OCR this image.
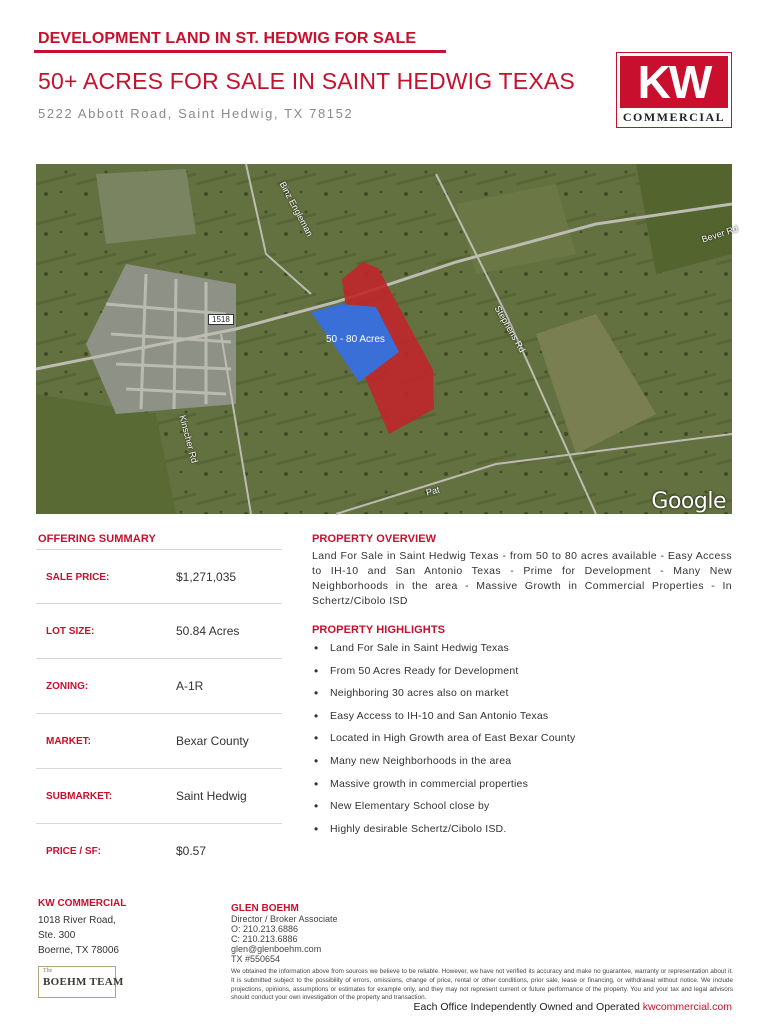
DEVELOPMENT LAND IN ST. HEDWIG FOR SALE
50+ ACRES FOR SALE IN SAINT HEDWIG TEXAS
5222 Abbott Road, Saint Hedwig, TX 78152
KW
COMMERCIAL
Binz Engleman
Stephens Rd
Kinscher Rd
Bever Rd
Pat
1518
50 - 80 Acres
Google
OFFERING SUMMARY
SALE PRICE:	$1,271,035
LOT SIZE:	50.84 Acres
ZONING:	A-1R
MARKET:	Bexar County
SUBMARKET:	Saint Hedwig
PRICE / SF:	$0.57
PROPERTY OVERVIEW
Land For Sale in Saint Hedwig Texas - from 50 to 80 acres available - Easy Access to IH-10 and San Antonio Texas - Prime for Development - Many New Neighborhoods in the area - Massive Growth in Commercial Properties - In Schertz/Cibolo ISD
PROPERTY HIGHLIGHTS
• Land For Sale in Saint Hedwig Texas
• From 50 Acres Ready for Development
• Neighboring 30 acres also on market
• Easy Access to IH-10 and San Antonio Texas
• Located in High Growth area of East Bexar County
• Many new Neighborhoods in the area
• Massive growth in commercial properties
• New Elementary School close by
• Highly desirable Schertz/Cibolo ISD.
KW COMMERCIAL
1018 River Road,
Ste. 300
Boerne, TX 78006
The
BOEHM TEAM
GLEN BOEHM
Director / Broker Associate
O: 210.213.6886
C: 210.213.6886
glen@glenboehm.com
TX #550654
We obtained the information above from sources we believe to be reliable. However, we have not verified its accuracy and make no guarantee, warranty or representation about it. It is submitted subject to the possibility of errors, omissions, change of price, rental or other conditions, prior sale, lease or financing, or withdrawal without notice. We include projections, opinions, assumptions or estimates for example only, and they may not represent current or future performance of the property. You and your tax and legal advisors should conduct your own investigation of the property and transaction.
Each Office Independently Owned and Operated kwcommercial.com
